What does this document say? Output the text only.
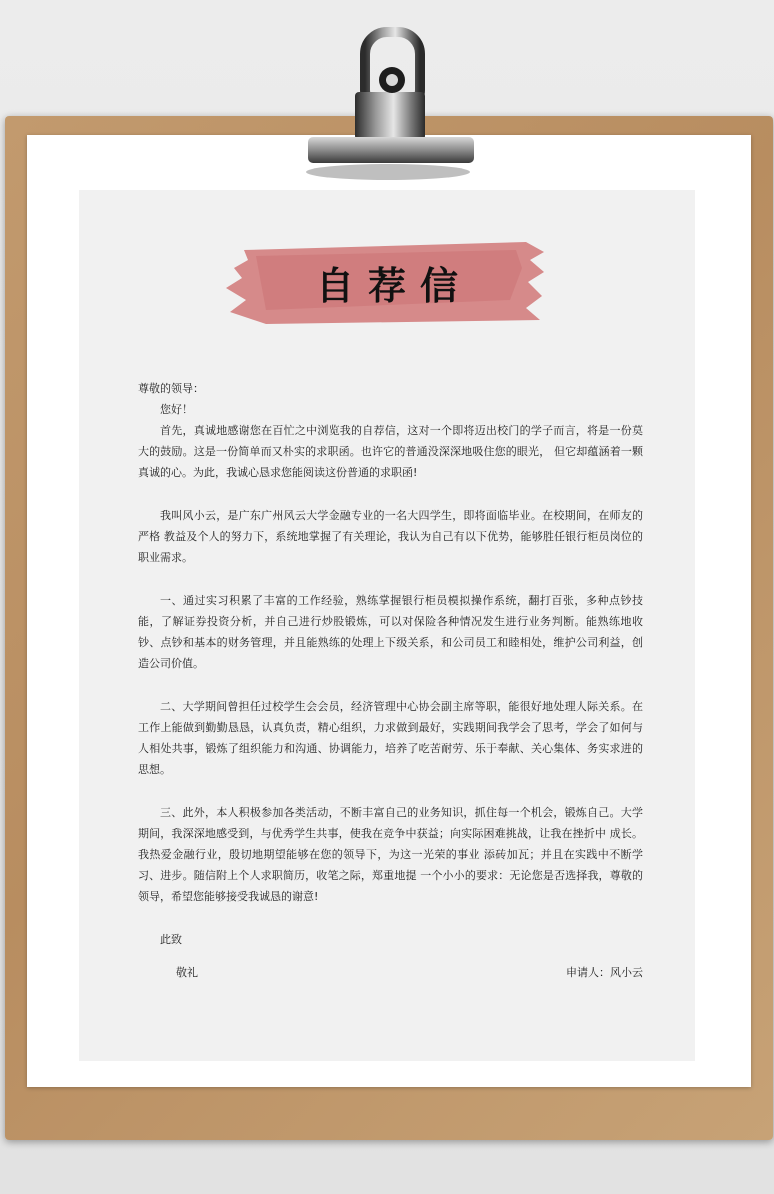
自荐信

尊敬的领导：

您好！

首先，真诚地感谢您在百忙之中浏览我的自荐信，这对一个即将迈出校门的学子而言，将是一份莫大的鼓励。这是一份简单而又朴实的求职函。也许它的普通没深深地吸住您的眼光， 但它却蕴涵着一颗真诚的心。为此，我诚心恳求您能阅读这份普通的求职函!

我叫风小云，是广东广州风云大学金融专业的一名大四学生，即将面临毕业。在校期间，在师友的严格 教益及个人的努力下，系统地掌握了有关理论，我认为自己有以下优势，能够胜任银行柜员岗位的职业需求。

一、通过实习积累了丰富的工作经验，熟练掌握银行柜员模拟操作系统，翻打百张，多种点钞技能，了解证券投资分析，并自己进行炒股锻炼，可以对保险各种情况发生进行业务判断。能熟练地收钞、点钞和基本的财务管理，并且能熟练的处理上下级关系，和公司员工和睦相处，维护公司利益，创造公司价值。

二、大学期间曾担任过校学生会会员，经济管理中心协会副主席等职，能很好地处理人际关系。在工作上能做到勤勤恳恳，认真负责，精心组织，力求做到最好，实践期间我学会了思考，学会了如何与人相处共事，锻炼了组织能力和沟通、协调能力，培养了吃苦耐劳、乐于奉献、关心集体、务实求进的思想。

三、此外，本人积极参加各类活动，不断丰富自己的业务知识，抓住每一个机会，锻炼自己。大学期间，我深深地感受到，与优秀学生共事，使我在竞争中获益；向实际困难挑战，让我在挫折中 成长。我热爱金融行业，殷切地期望能够在您的领导下，为这一光荣的事业 添砖加瓦；并且在实践中不断学习、进步。随信附上个人求职简历，收笔之际，郑重地提 一个小小的要求：无论您是否选择我，尊敬的领导，希望您能够接受我诚恳的谢意!

此致

敬礼	申请人：风小云
